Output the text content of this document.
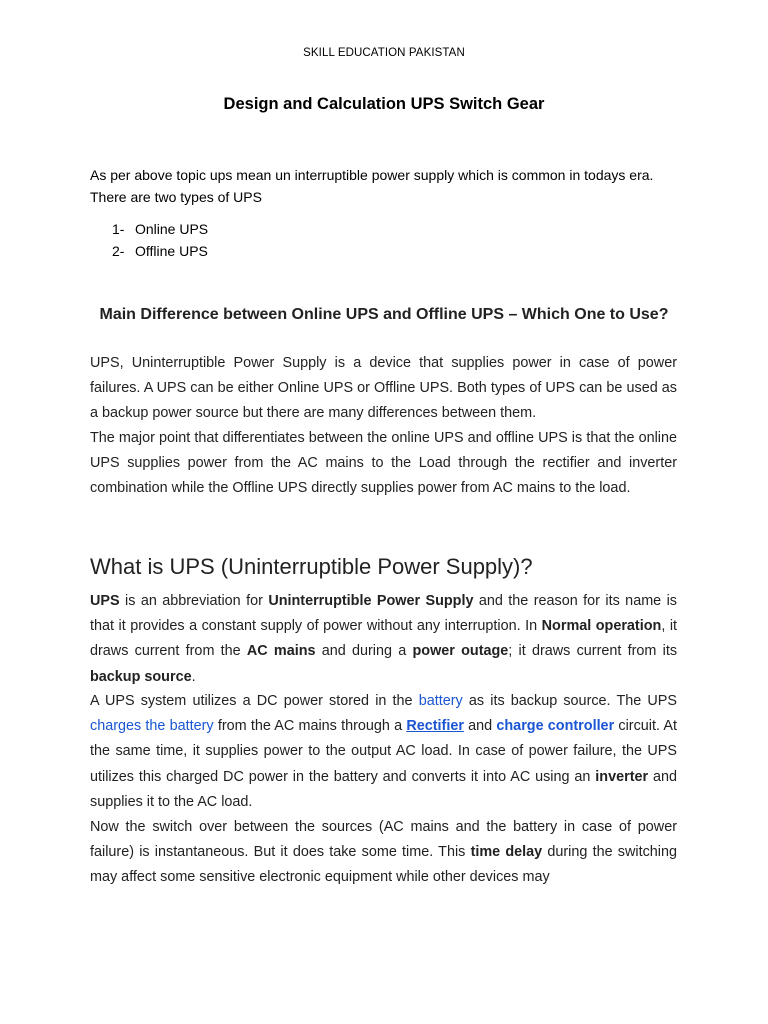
SKILL EDUCATION PAKISTAN
Design and Calculation UPS Switch Gear
As per above topic ups mean un interruptible power supply which is common in todays era. There are two types of UPS
1- Online UPS
2- Offline UPS
Main Difference between Online UPS and Offline UPS – Which One to Use?
UPS, Uninterruptible Power Supply is a device that supplies power in case of power failures. A UPS can be either Online UPS or Offline UPS. Both types of UPS can be used as a backup power source but there are many differences between them.
The major point that differentiates between the online UPS and offline UPS is that the online UPS supplies power from the AC mains to the Load through the rectifier and inverter combination while the Offline UPS directly supplies power from AC mains to the load.
What is UPS (Uninterruptible Power Supply)?
UPS is an abbreviation for Uninterruptible Power Supply and the reason for its name is that it provides a constant supply of power without any interruption. In Normal operation, it draws current from the AC mains and during a power outage; it draws current from its backup source.
A UPS system utilizes a DC power stored in the battery as its backup source. The UPS charges the battery from the AC mains through a Rectifier and charge controller circuit. At the same time, it supplies power to the output AC load. In case of power failure, the UPS utilizes this charged DC power in the battery and converts it into AC using an inverter and supplies it to the AC load.
Now the switch over between the sources (AC mains and the battery in case of power failure) is instantaneous. But it does take some time. This time delay during the switching may affect some sensitive electronic equipment while other devices may
